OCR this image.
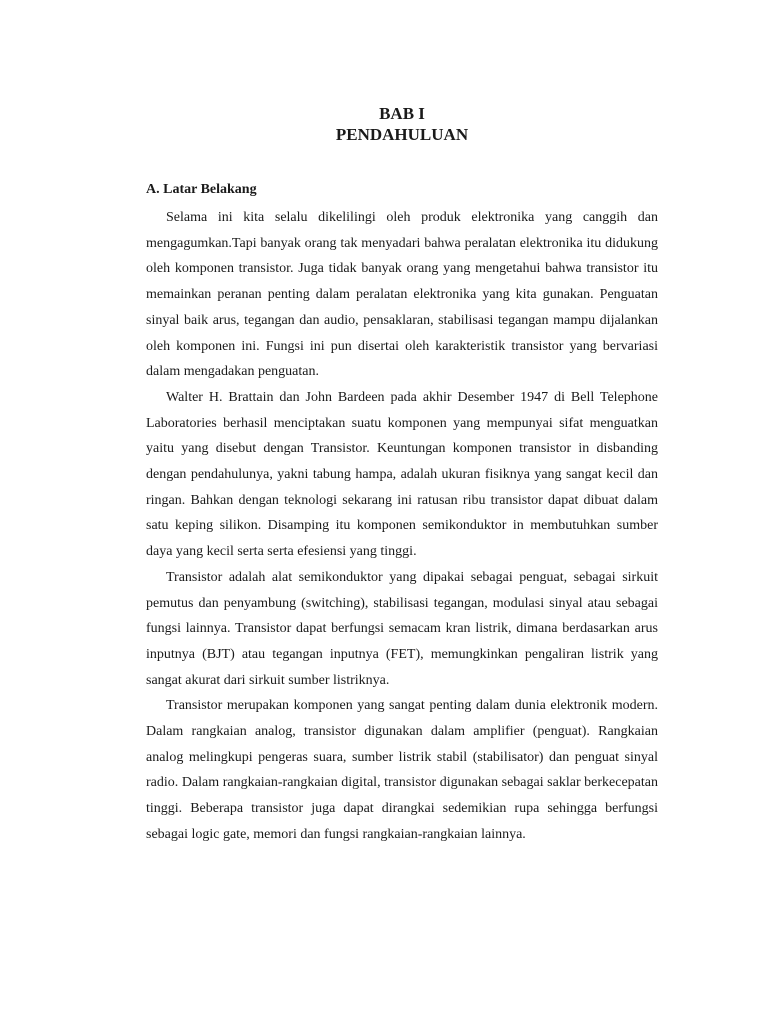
BAB I
PENDAHULUAN
A. Latar Belakang

Selama ini kita selalu dikelilingi oleh produk elektronika yang canggih dan mengagumkan.Tapi banyak orang tak menyadari bahwa peralatan elektronika itu didukung oleh komponen transistor. Juga tidak banyak orang yang mengetahui bahwa transistor itu memainkan peranan penting dalam peralatan elektronika yang kita gunakan. Penguatan sinyal baik arus, tegangan dan audio, pensaklaran, stabilisasi tegangan mampu dijalankan oleh komponen ini. Fungsi ini pun disertai oleh karakteristik transistor yang bervariasi dalam mengadakan penguatan.

Walter H. Brattain dan John Bardeen pada akhir Desember 1947 di Bell Telephone Laboratories berhasil menciptakan suatu komponen yang mempunyai sifat menguatkan yaitu yang disebut dengan Transistor. Keuntungan komponen transistor in disbanding dengan pendahulunya, yakni tabung hampa, adalah ukuran fisiknya yang sangat kecil dan ringan. Bahkan dengan teknologi sekarang ini ratusan ribu transistor dapat dibuat dalam satu keping silikon. Disamping itu komponen semikonduktor in membutuhkan sumber daya yang kecil serta serta efesiensi yang tinggi.

Transistor adalah alat semikonduktor yang dipakai sebagai penguat, sebagai sirkuit pemutus dan penyambung (switching), stabilisasi tegangan, modulasi sinyal atau sebagai fungsi lainnya. Transistor dapat berfungsi semacam kran listrik, dimana berdasarkan arus inputnya (BJT) atau tegangan inputnya (FET), memungkinkan pengaliran listrik yang sangat akurat dari sirkuit sumber listriknya.

Transistor merupakan komponen yang sangat penting dalam dunia elektronik modern. Dalam rangkaian analog, transistor digunakan dalam amplifier (penguat). Rangkaian analog melingkupi pengeras suara, sumber listrik stabil (stabilisator) dan penguat sinyal radio. Dalam rangkaian-rangkaian digital, transistor digunakan sebagai saklar berkecepatan tinggi. Beberapa transistor juga dapat dirangkai sedemikian rupa sehingga berfungsi sebagai logic gate, memori dan fungsi rangkaian-rangkaian lainnya.
